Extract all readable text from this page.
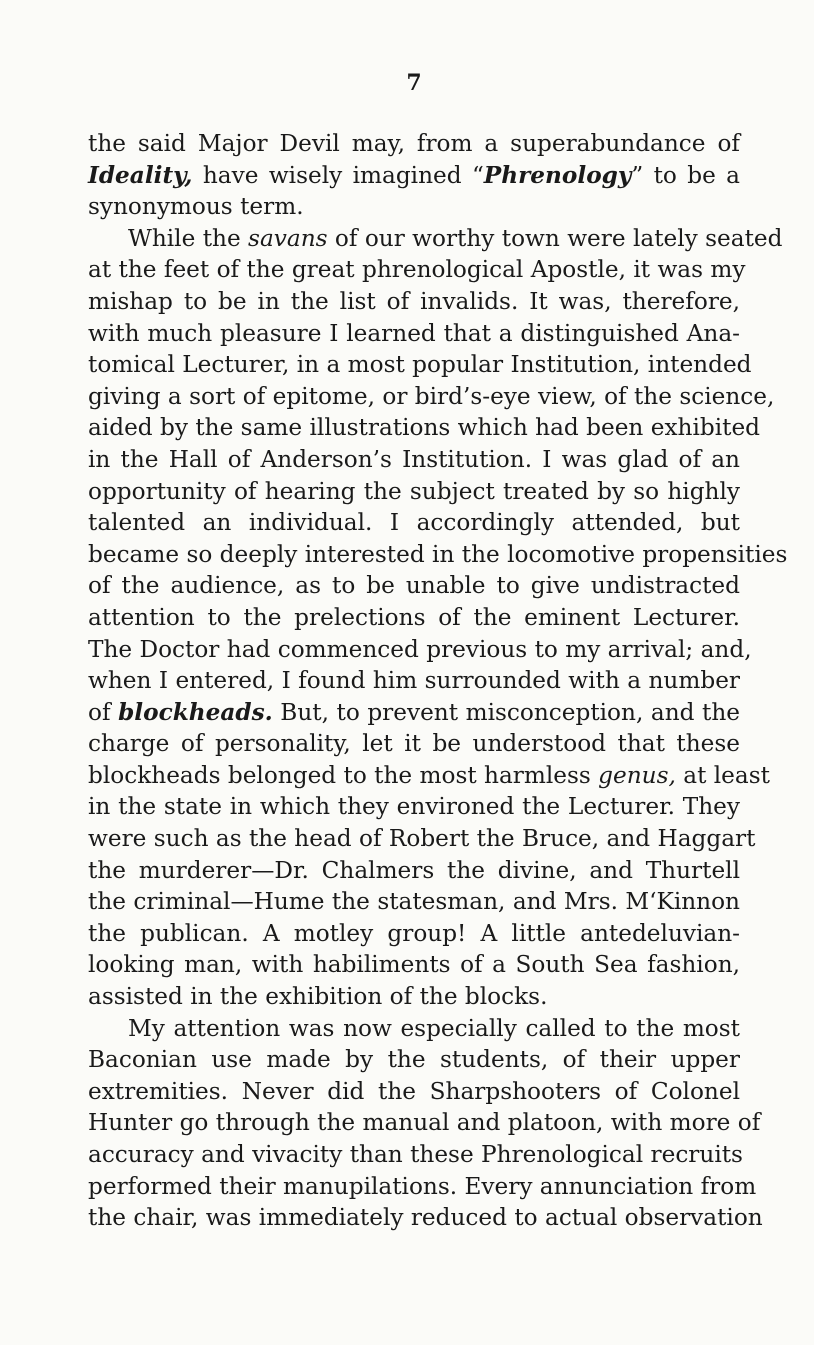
7
the said Major Devil may, from a superabundance of
Ideality, have wisely imagined “Phrenology” to be a
synonymous term.
While the savans of our worthy town were lately seated
at the feet of the great phrenological Apostle, it was my
mishap to be in the list of invalids. It was, therefore,
with much pleasure I learned that a distinguished Ana-
tomical Lecturer, in a most popular Institution, intended
giving a sort of epitome, or bird’s-eye view, of the science,
aided by the same illustrations which had been exhibited
in the Hall of Anderson’s Institution. I was glad of an
opportunity of hearing the subject treated by so highly
talented an individual. I accordingly attended, but
became so deeply interested in the locomotive propensities
of the audience, as to be unable to give undistracted
attention to the prelections of the eminent Lecturer.
The Doctor had commenced previous to my arrival; and,
when I entered, I found him surrounded with a number
of blockheads. But, to prevent misconception, and the
charge of personality, let it be understood that these
blockheads belonged to the most harmless genus, at least
in the state in which they environed the Lecturer. They
were such as the head of Robert the Bruce, and Haggart
the murderer—Dr. Chalmers the divine, and Thurtell
the criminal—Hume the statesman, and Mrs. M‘Kinnon
the publican. A motley group! A little antedeluvian-
looking man, with habiliments of a South Sea fashion,
assisted in the exhibition of the blocks.
My attention was now especially called to the most
Baconian use made by the students, of their upper
extremities. Never did the Sharpshooters of Colonel
Hunter go through the manual and platoon, with more of
accuracy and vivacity than these Phrenological recruits
performed their manupilations. Every annunciation from
the chair, was immediately reduced to actual observation
